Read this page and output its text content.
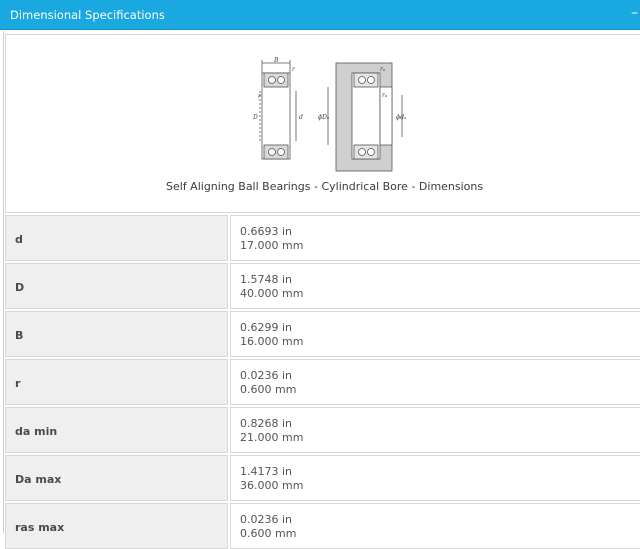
Dimensional Specifications	–
B
r
r
D	d
rₐ
rₐ
ϕDₐ	ϕdₐ
Self Aligning Ball Bearings - Cylindrical Bore - Dimensions
d
0.6693 in
17.000 mm
D
1.5748 in
40.000 mm
B
0.6299 in
16.000 mm
r
0.0236 in
0.600 mm
da min
0.8268 in
21.000 mm
Da max
1.4173 in
36.000 mm
ras max
0.0236 in
0.600 mm
